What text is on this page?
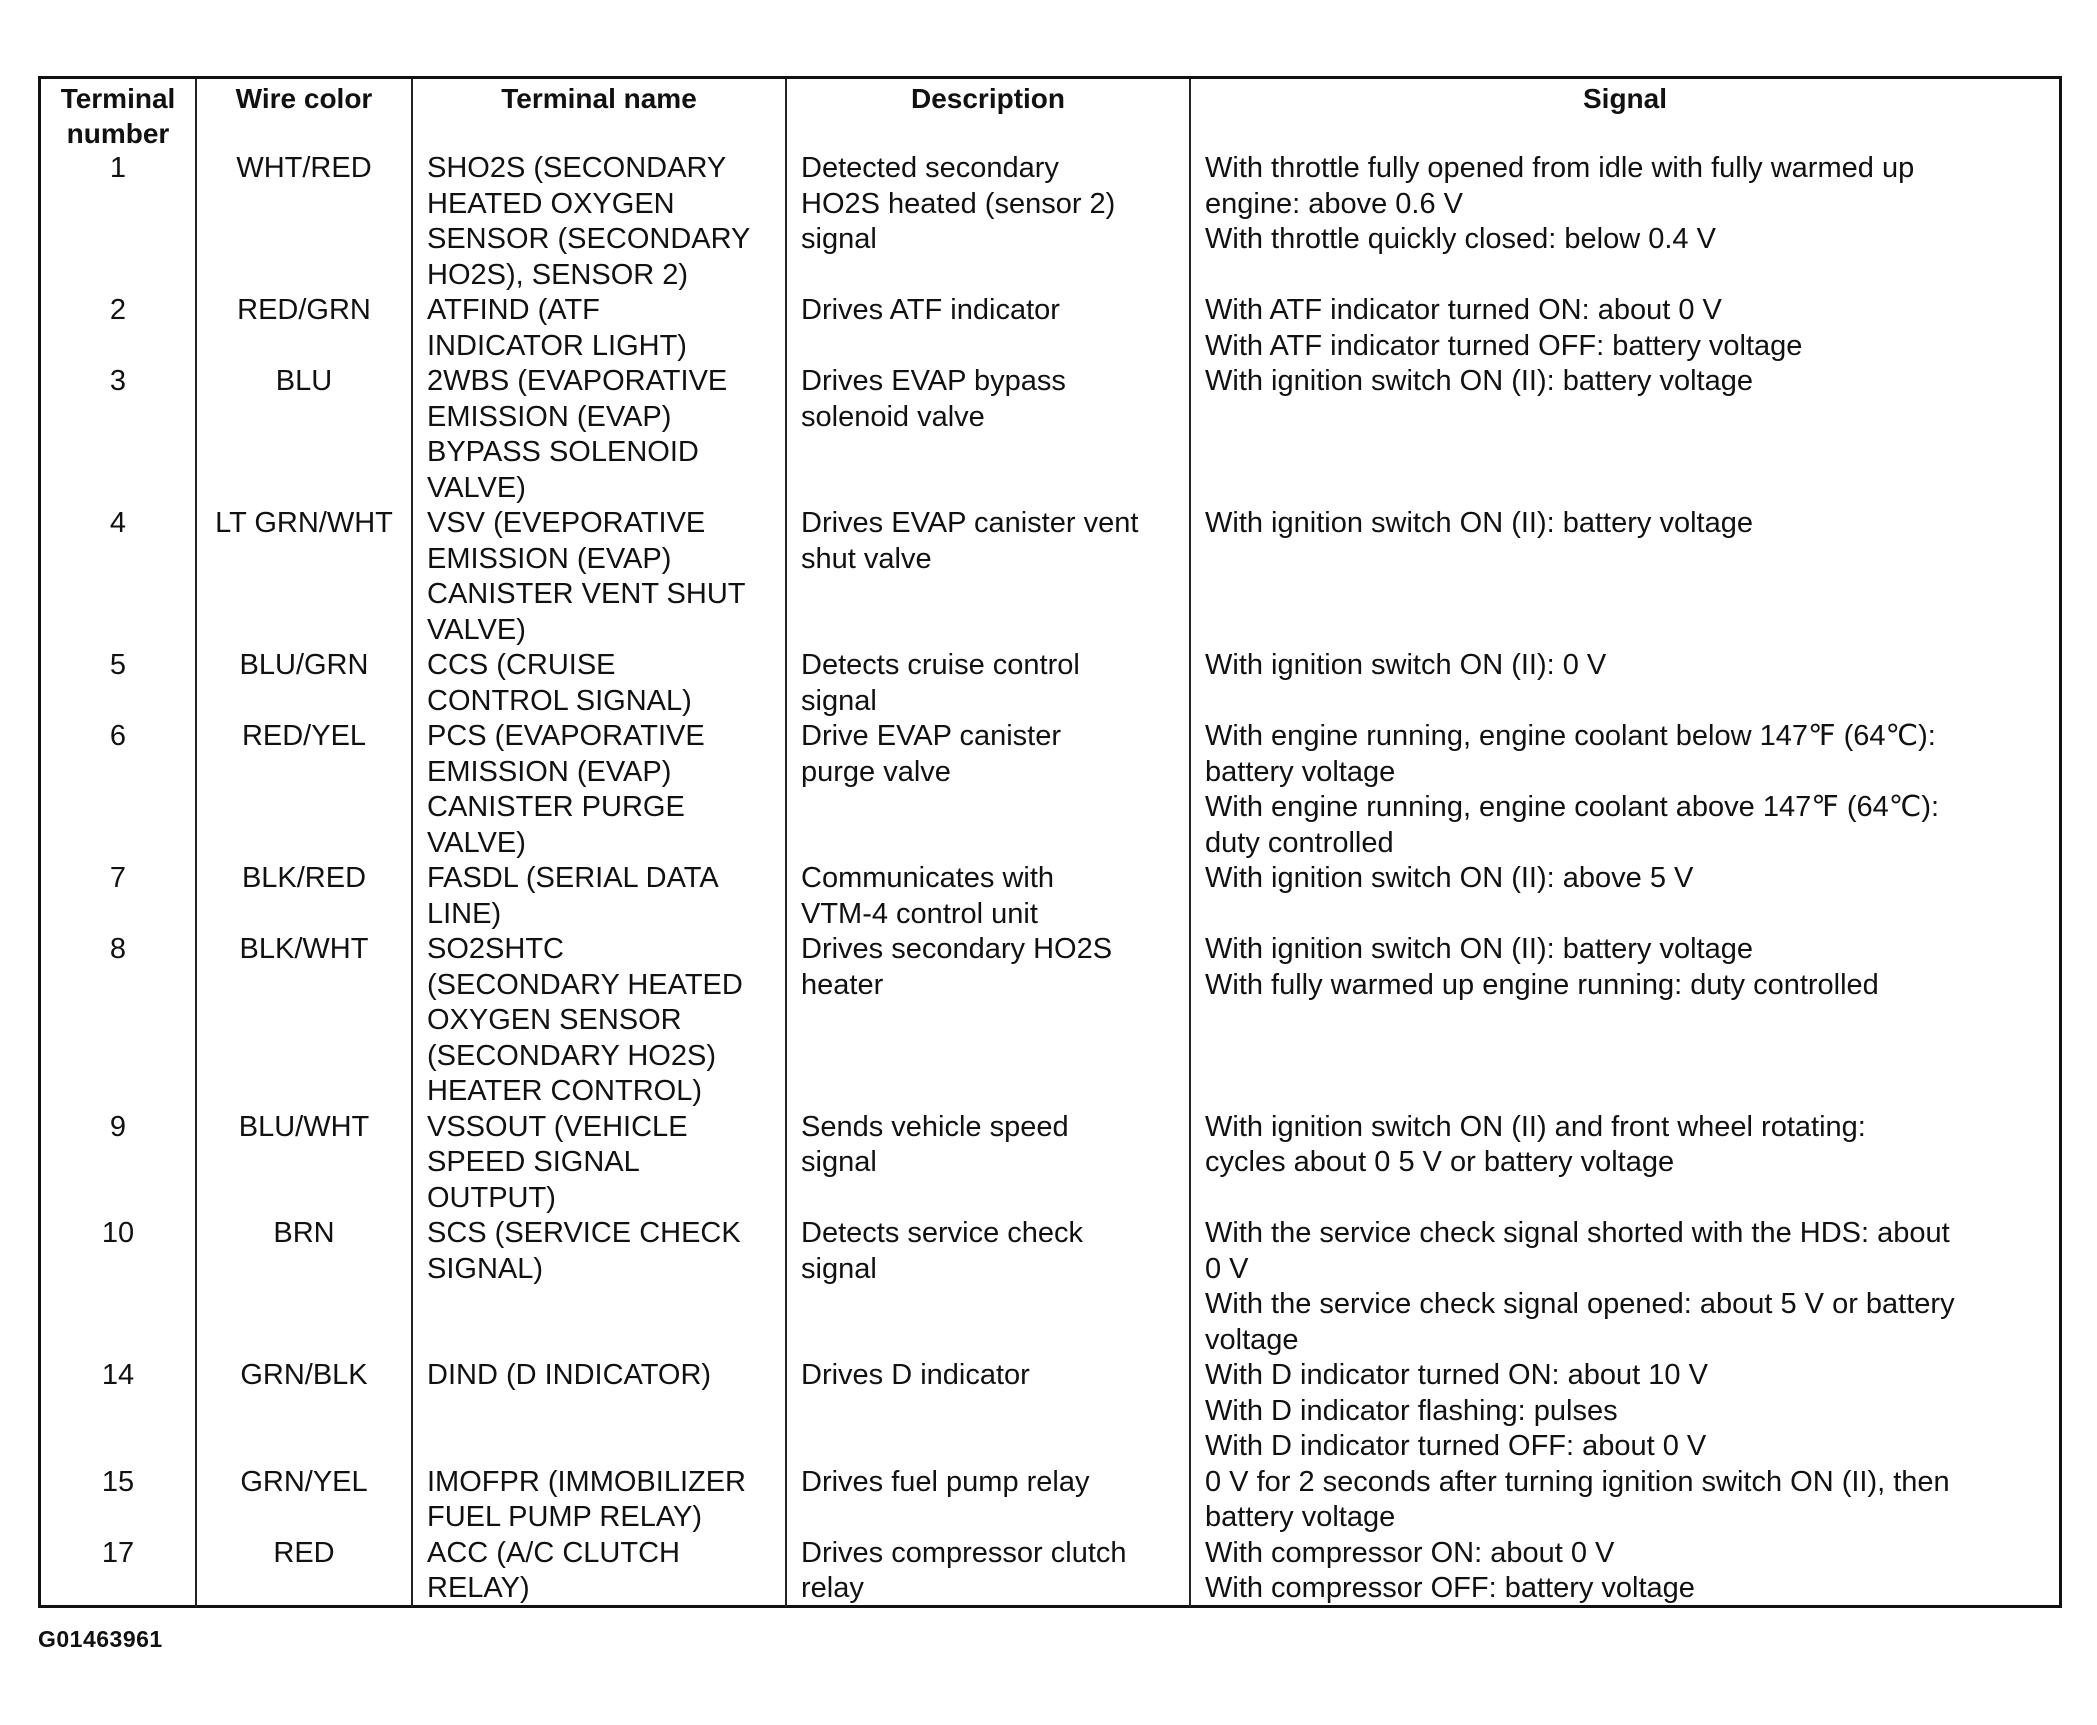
Terminal
number	Wire color	Terminal name	Description	Signal
1	WHT/RED	SHO2S (SECONDARY
HEATED OXYGEN
SENSOR (SECONDARY
HO2S), SENSOR 2)	Detected secondary
HO2S heated (sensor 2)
signal	With throttle fully opened from idle with fully warmed up
engine: above 0.6 V
With throttle quickly closed: below 0.4 V
2	RED/GRN	ATFIND (ATF
INDICATOR LIGHT)	Drives ATF indicator	With ATF indicator turned ON: about 0 V
With ATF indicator turned OFF: battery voltage
3	BLU	2WBS (EVAPORATIVE
EMISSION (EVAP)
BYPASS SOLENOID
VALVE)	Drives EVAP bypass
solenoid valve	With ignition switch ON (II): battery voltage
4	LT GRN/WHT	VSV (EVEPORATIVE
EMISSION (EVAP)
CANISTER VENT SHUT
VALVE)	Drives EVAP canister vent
shut valve	With ignition switch ON (II): battery voltage
5	BLU/GRN	CCS (CRUISE
CONTROL SIGNAL)	Detects cruise control
signal	With ignition switch ON (II): 0 V
6	RED/YEL	PCS (EVAPORATIVE
EMISSION (EVAP)
CANISTER PURGE
VALVE)	Drive EVAP canister
purge valve	With engine running, engine coolant below 147℉ (64℃):
battery voltage
With engine running, engine coolant above 147℉ (64℃):
duty controlled
7	BLK/RED	FASDL (SERIAL DATA
LINE)	Communicates with
VTM-4 control unit	With ignition switch ON (II): above 5 V
8	BLK/WHT	SO2SHTC
(SECONDARY HEATED
OXYGEN SENSOR
(SECONDARY HO2S)
HEATER CONTROL)	Drives secondary HO2S
heater	With ignition switch ON (II): battery voltage
With fully warmed up engine running: duty controlled
9	BLU/WHT	VSSOUT (VEHICLE
SPEED SIGNAL
OUTPUT)	Sends vehicle speed
signal	With ignition switch ON (II) and front wheel rotating:
cycles about 0 5 V or battery voltage
10	BRN	SCS (SERVICE CHECK
SIGNAL)	Detects service check
signal	With the service check signal shorted with the HDS: about
0 V
With the service check signal opened: about 5 V or battery
voltage
14	GRN/BLK	DIND (D INDICATOR)	Drives D indicator	With D indicator turned ON: about 10 V
With D indicator flashing: pulses
With D indicator turned OFF: about 0 V
15	GRN/YEL	IMOFPR (IMMOBILIZER
FUEL PUMP RELAY)	Drives fuel pump relay	0 V for 2 seconds after turning ignition switch ON (II), then
battery voltage
17	RED	ACC (A/C CLUTCH
RELAY)	Drives compressor clutch
relay	With compressor ON: about 0 V
With compressor OFF: battery voltage
G01463961
